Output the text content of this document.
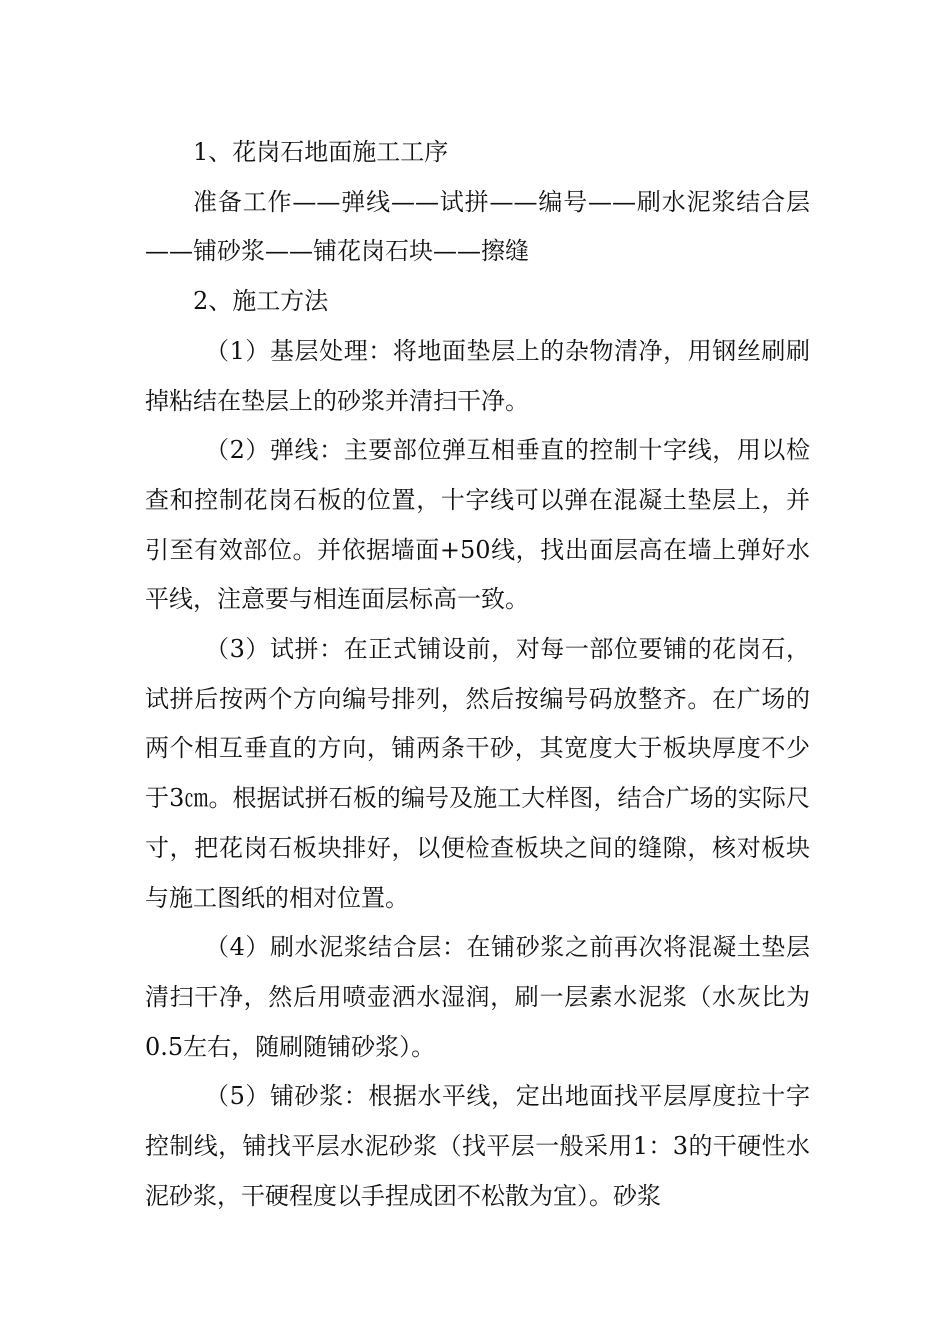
1、花岗石地面施工工序

准备工作——弹线——试拼——编号——刷水泥浆结合层——铺砂浆——铺花岗石块——擦缝

2、施工方法

（1）基层处理：将地面垫层上的杂物清净，用钢丝刷刷掉粘结在垫层上的砂浆并清扫干净。

（2）弹线：主要部位弹互相垂直的控制十字线，用以检查和控制花岗石板的位置，十字线可以弹在混凝土垫层上，并引至有效部位。并依据墙面+50线，找出面层高在墙上弹好水平线，注意要与相连面层标高一致。

（3）试拼：在正式铺设前，对每一部位要铺的花岗石，试拼后按两个方向编号排列，然后按编号码放整齐。在广场的两个相互垂直的方向，铺两条干砂，其宽度大于板块厚度不少于3㎝。根据试拼石板的编号及施工大样图，结合广场的实际尺寸，把花岗石板块排好，以便检查板块之间的缝隙，核对板块与施工图纸的相对位置。

（4）刷水泥浆结合层：在铺砂浆之前再次将混凝土垫层清扫干净，然后用喷壶洒水湿润，刷一层素水泥浆（水灰比为0.5左右，随刷随铺砂浆）。

（5）铺砂浆：根据水平线，定出地面找平层厚度拉十字控制线，铺找平层水泥砂浆（找平层一般采用1：3的干硬性水泥砂浆，干硬程度以手捏成团不松散为宜）。砂浆
